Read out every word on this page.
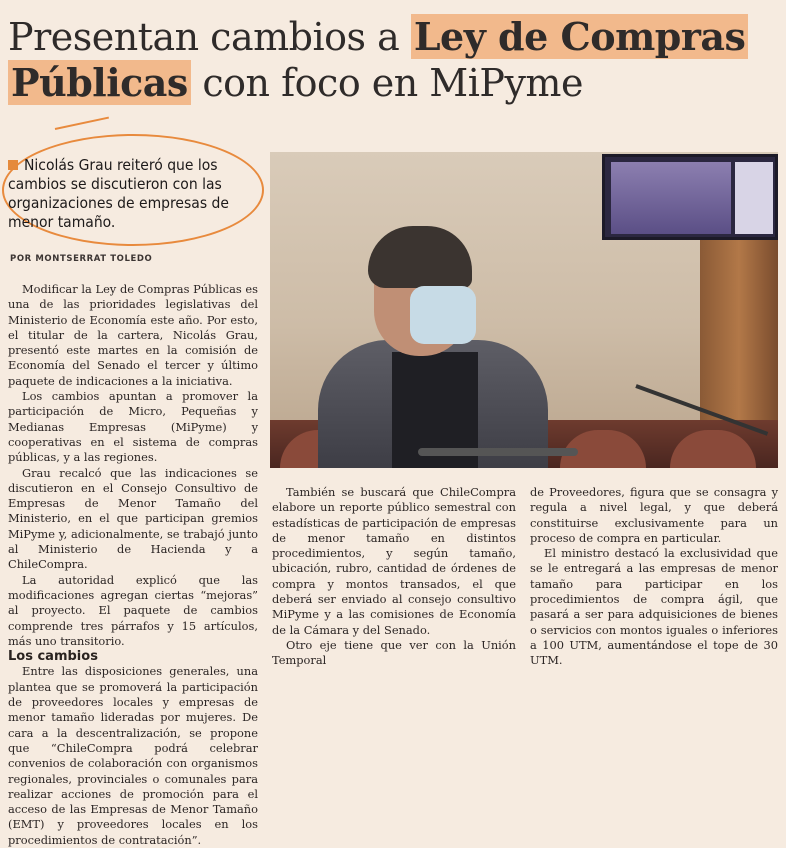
Presentan cambios a Ley de Compras
Públicas con foco en MiPyme
Nicolás Grau reiteró que los cambios se discutieron con las organizaciones de empresas de menor tamaño.
POR MONTSERRAT TOLEDO

Modificar la Ley de Compras Públicas es una de las prioridades legislativas del Ministerio de Economía este año. Por esto, el titular de la cartera, Nicolás Grau, presentó este martes en la comisión de Economía del Senado el tercer y último paquete de indicaciones a la iniciativa.

Los cambios apuntan a promover la participación de Micro, Pequeñas y Medianas Empresas (MiPyme) y cooperativas en el sistema de compras públicas, y a las regiones.

Grau recalcó que las indicaciones se discutieron en el Consejo Consultivo de Empresas de Menor Tamaño del Ministerio, en el que participan gremios MiPyme y, adicionalmente, se trabajó junto al Ministerio de Hacienda y a ChileCompra.

La autoridad explicó que las modificaciones agregan ciertas “mejoras” al proyecto. El paquete de cambios comprende tres párrafos y 15 artículos, más uno transitorio.

Los cambios

Entre las disposiciones generales, una plantea que se promoverá la participación de proveedores locales y empresas de menor tamaño lideradas por mujeres. De cara a la descentralización, se propone que “ChileCompra podrá celebrar convenios de colaboración con organismos regionales, provinciales o comunales para realizar acciones de promoción para el acceso de las Empresas de Menor Tamaño (EMT) y proveedores locales en los procedimientos de contratación”.

También se buscará que ChileCompra elabore un reporte público semestral con estadísticas de participación de empresas de menor tamaño en distintos procedimientos, y según tamaño, ubicación, rubro, cantidad de órdenes de compra y montos transados, el que deberá ser enviado al consejo consultivo MiPyme y a las comisiones de Economía de la Cámara y del Senado.

Otro eje tiene que ver con la Unión Temporal

de Proveedores, figura que se consagra y regula a nivel legal, y que deberá constituirse exclusivamente para un proceso de compra en particular.

El ministro destacó la exclusividad que se le entregará a las empresas de menor tamaño para participar en los procedimientos de compra ágil, que pasará a ser para adquisiciones de bienes o servicios con montos iguales o inferiores a 100 UTM, aumentándose el tope de 30 UTM.
